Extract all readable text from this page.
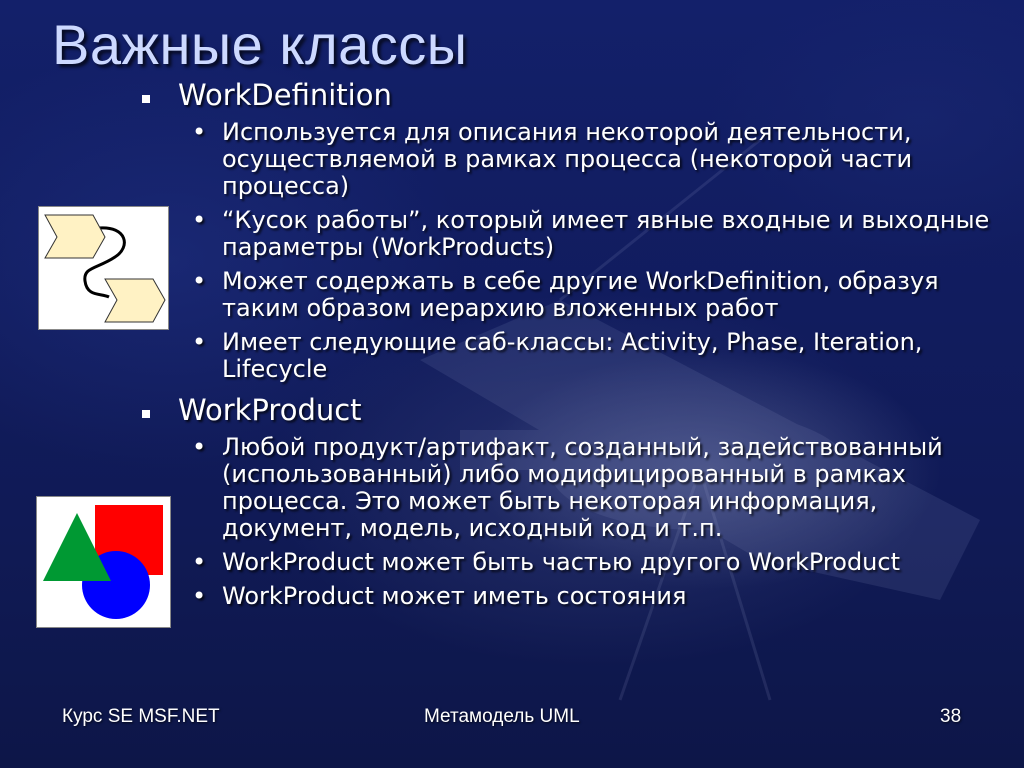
Важные классы
WorkDefinition
• Используется для описания некоторой деятельности, осуществляемой в рамках процесса (некоторой части процесса)
• “Кусок работы”, который имеет явные входные и выходные параметры (WorkProducts)
• Может содержать в себе другие WorkDefinition, образуя таким образом иерархию вложенных работ
• Имеет следующие саб-классы: Activity, Phase, Iteration, Lifecycle
WorkProduct
• Любой продукт/артифакт, созданный, задействованный (использованный) либо модифицированный в рамках процесса. Это может быть некоторая информация, документ, модель, исходный код и т.п.
• WorkProduct может быть частью другого WorkProduct
• WorkProduct может иметь состояния
Курс SE MSF.NET	Метамодель UML	38
